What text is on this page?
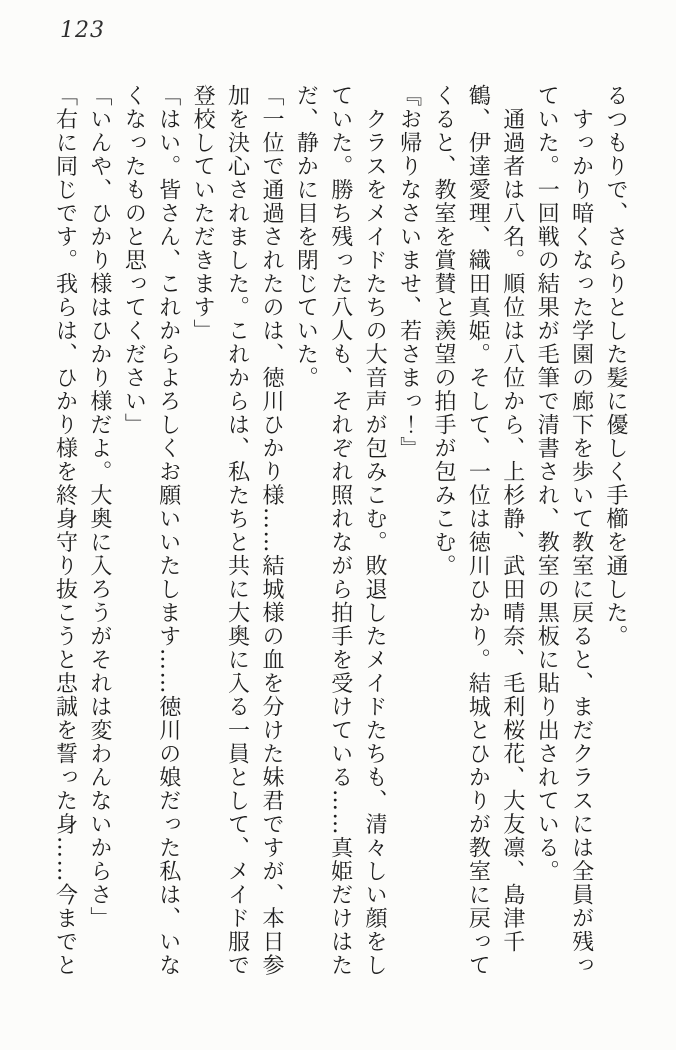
123

るつもりで、さらりとした髪に優しく手櫛を通した。

　すっかり暗くなった学園の廊下を歩いて教室に戻ると、まだクラスには全員が残っていた。一回戦の結果が毛筆で清書され、教室の黒板に貼り出されている。

　通過者は八名。順位は八位から、上杉静、武田晴奈、毛利桜花、大友凛、島津千鶴、伊達愛理、織田真姫。そして、一位は徳川ひかり。結城とひかりが教室に戻ってくると、教室を賞賛と羨望の拍手が包みこむ。

『お帰りなさいませ、若さまっ！』

　クラスをメイドたちの大音声が包みこむ。敗退したメイドたちも、清々しい顔をしていた。勝ち残った八人も、それぞれ照れながら拍手を受けている……真姫だけはただ、静かに目を閉じていた。

「一位で通過されたのは、徳川ひかり様……結城様の血を分けた妹君ですが、本日参加を決心されました。これからは、私たちと共に大奥に入る一員として、メイド服で登校していただきます」

「はい。皆さん、これからよろしくお願いいたします……徳川の娘だった私は、いなくなったものと思ってください」

「いんや、ひかり様はひかり様だよ。大奥に入ろうがそれは変わんないからさ」

「右に同じです。我らは、ひかり様を終身守り抜こうと忠誠を誓った身……今までと
